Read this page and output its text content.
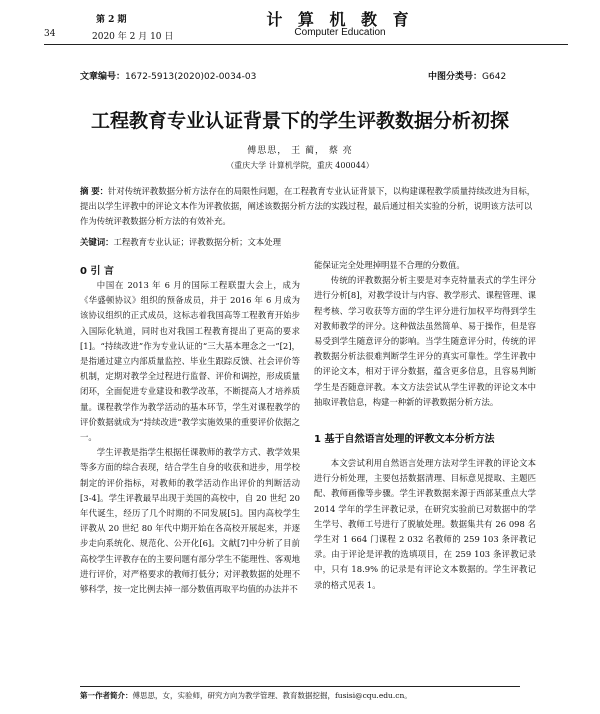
第 2 期
34	2020 年 2 月 10 日
计 算 机 教 育
Computer Education
文章编号：1672-5913(2020)02-0034-03	中图分类号：G642
工程教育专业认证背景下的学生评教数据分析初探
傅思思， 王 蔺， 蔡 亮
（重庆大学 计算机学院，重庆 400044）
摘 要：针对传统评教数据分析方法存在的局限性问题，在工程教育专业认证背景下，以构建课程教学质量持续改进为目标，提出以学生评教中的评论文本作为评教依据，阐述该数据分析方法的实践过程，最后通过相关实验的分析，说明该方法可以作为传统评教数据分析方法的有效补充。
关键词：工程教育专业认证；评教数据分析；文本处理
0 引 言

中国在 2013 年 6 月的国际工程联盟大会上，成为《华盛顿协议》组织的预备成员，并于 2016 年 6 月成为该协议组织的正式成员，这标志着我国高等工程教育开始步入国际化轨道，同时也对我国工程教育提出了更高的要求[1]。“持续改进”作为专业认证的“三大基本理念之一”[2]，是指通过建立内部质量监控、毕业生跟踪反馈、社会评价等机制，定期对教学全过程进行监督、评价和调控，形成质量闭环，全面促进专业建设和教学改革，不断提高人才培养质量。课程教学作为教学活动的基本环节，学生对课程教学的评价数据就成为“持续改进”教学实施效果的重要评价依据之一。

学生评教是指学生根据任课教师的教学方式、教学效果等多方面的综合表现，结合学生自身的收获和进步，用学校制定的评价指标，对教师的教学活动作出评价的判断活动[3-4]。学生评教最早出现于美国的高校中，自 20 世纪 20 年代诞生，经历了几个时期的不同发展[5]。国内高校学生评教从 20 世纪 80 年代中期开始在各高校开展起来，并逐步走向系统化、规范化、公开化[6]。文献[7]中分析了目前高校学生评教存在的主要问题有部分学生不能理性、客观地进行评价，对严格要求的教师打低分；对评教数据的处理不够科学，按一定比例去掉一部分数值再取平均值的办法并不

能保证完全处理掉明显不合理的分数值。

传统的评教数据分析主要是对李克特量表式的学生评分进行分析[8]，对教学设计与内容、教学形式、课程管理、课程考核、学习收获等方面的学生评分进行加权平均得到学生对教师教学的评分。这种做法虽然简单、易于操作，但是容易受到学生随意评分的影响。当学生随意评分时，传统的评教数据分析法很难判断学生评分的真实可靠性。学生评教中的评论文本，相对于评分数据，蕴含更多信息，且容易判断学生是否随意评教。本文方法尝试从学生评教的评论文本中抽取评教信息，构建一种新的评教数据分析方法。

1 基于自然语言处理的评教文本分析方法

本文尝试利用自然语言处理方法对学生评教的评论文本进行分析处理，主要包括数据清理、目标意见提取、主题匹配、教师画像等步骤。学生评教数据来源于西部某重点大学 2014 学年的学生评教记录，在研究实验前已对数据中的学生学号、教师工号进行了脱敏处理。数据集共有 26 098 名学生对 1 664 门课程 2 032 名教师的 259 103 条评教记录。由于评论是评教的选填项目，在 259 103 条评教记录中，只有 18.9% 的记录是有评论文本数据的。学生评教记录的格式见表 1。

第一作者简介：傅思思，女，实验师，研究方向为教学管理、教育数据挖掘，fusisi@cqu.edu.cn。
